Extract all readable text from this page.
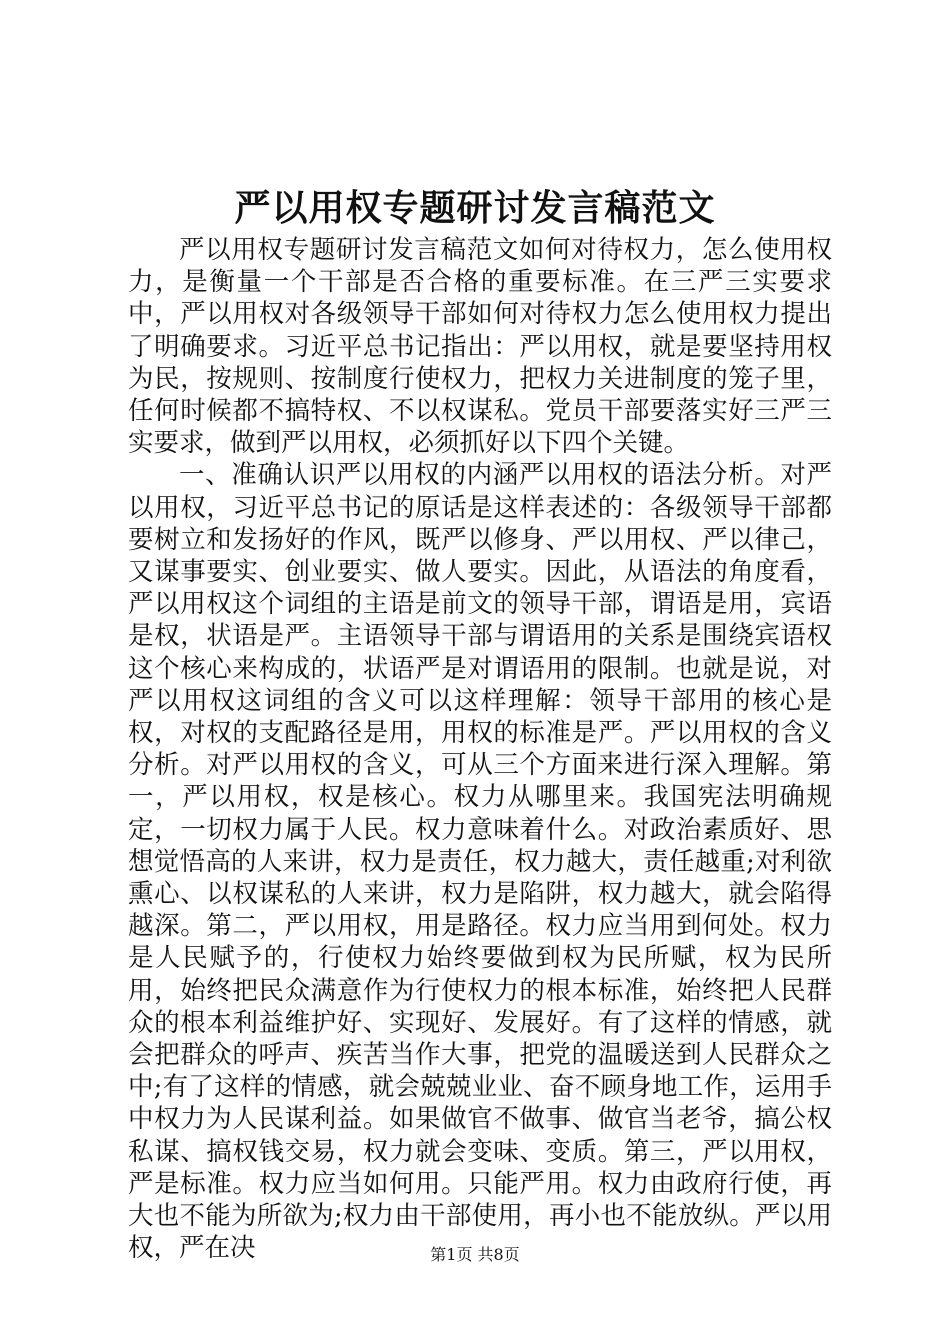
严以用权专题研讨发言稿范文

严以用权专题研讨发言稿范文如何对待权力，怎么使用权力，是衡量一个干部是否合格的重要标准。在三严三实要求中，严以用权对各级领导干部如何对待权力怎么使用权力提出了明确要求。习近平总书记指出：严以用权，就是要坚持用权为民，按规则、按制度行使权力，把权力关进制度的笼子里，任何时候都不搞特权、不以权谋私。党员干部要落实好三严三实要求，做到严以用权，必须抓好以下四个关键。

一、准确认识严以用权的内涵严以用权的语法分析。对严以用权，习近平总书记的原话是这样表述的：各级领导干部都要树立和发扬好的作风，既严以修身、严以用权、严以律己，又谋事要实、创业要实、做人要实。因此，从语法的角度看，严以用权这个词组的主语是前文的领导干部，谓语是用，宾语是权，状语是严。主语领导干部与谓语用的关系是围绕宾语权这个核心来构成的，状语严是对谓语用的限制。也就是说，对严以用权这词组的含义可以这样理解：领导干部用的核心是权，对权的支配路径是用，用权的标准是严。严以用权的含义分析。对严以用权的含义，可从三个方面来进行深入理解。第一，严以用权，权是核心。权力从哪里来。我国宪法明确规定，一切权力属于人民。权力意味着什么。对政治素质好、思想觉悟高的人来讲，权力是责任，权力越大，责任越重;对利欲熏心、以权谋私的人来讲，权力是陷阱，权力越大，就会陷得越深。第二，严以用权，用是路径。权力应当用到何处。权力是人民赋予的，行使权力始终要做到权为民所赋，权为民所用，始终把民众满意作为行使权力的根本标准，始终把人民群众的根本利益维护好、实现好、发展好。有了这样的情感，就会把群众的呼声、疾苦当作大事，把党的温暖送到人民群众之中;有了这样的情感，就会兢兢业业、奋不顾身地工作，运用手中权力为人民谋利益。如果做官不做事、做官当老爷，搞公权私谋、搞权钱交易，权力就会变味、变质。第三，严以用权，严是标准。权力应当如何用。只能严用。权力由政府行使，再大也不能为所欲为;权力由干部使用，再小也不能放纵。严以用权，严在决	第1页 共8页
